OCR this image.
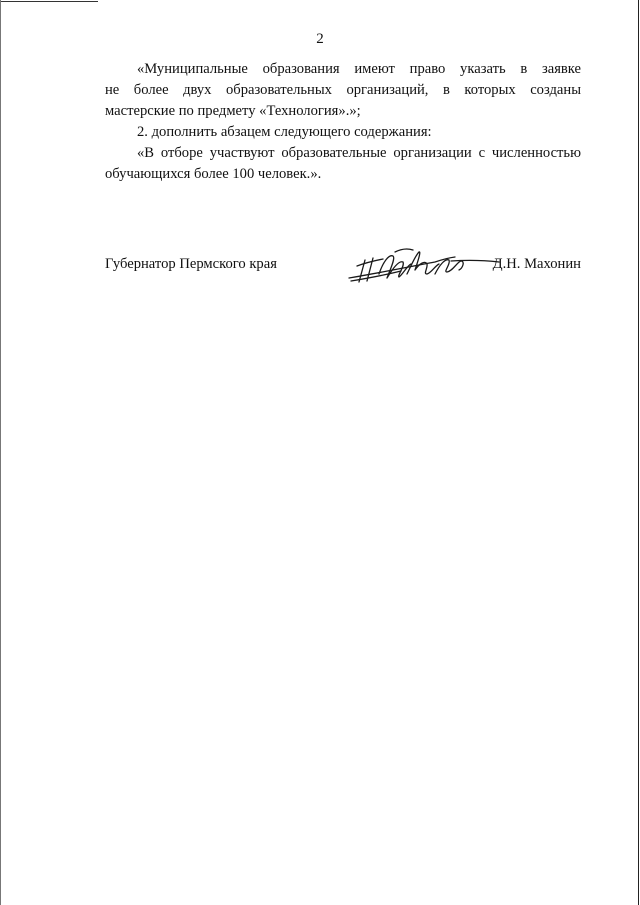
2

«Муниципальные образования имеют право указать в заявке
не более двух образовательных организаций, в которых созданы
мастерские по предмету «Технология».»;

2. дополнить абзацем следующего содержания:

«В отборе участвуют образовательные организации с численностью
обучающихся более 100 человек.».

Губернатор Пермского края	Д.Н. Махонин
